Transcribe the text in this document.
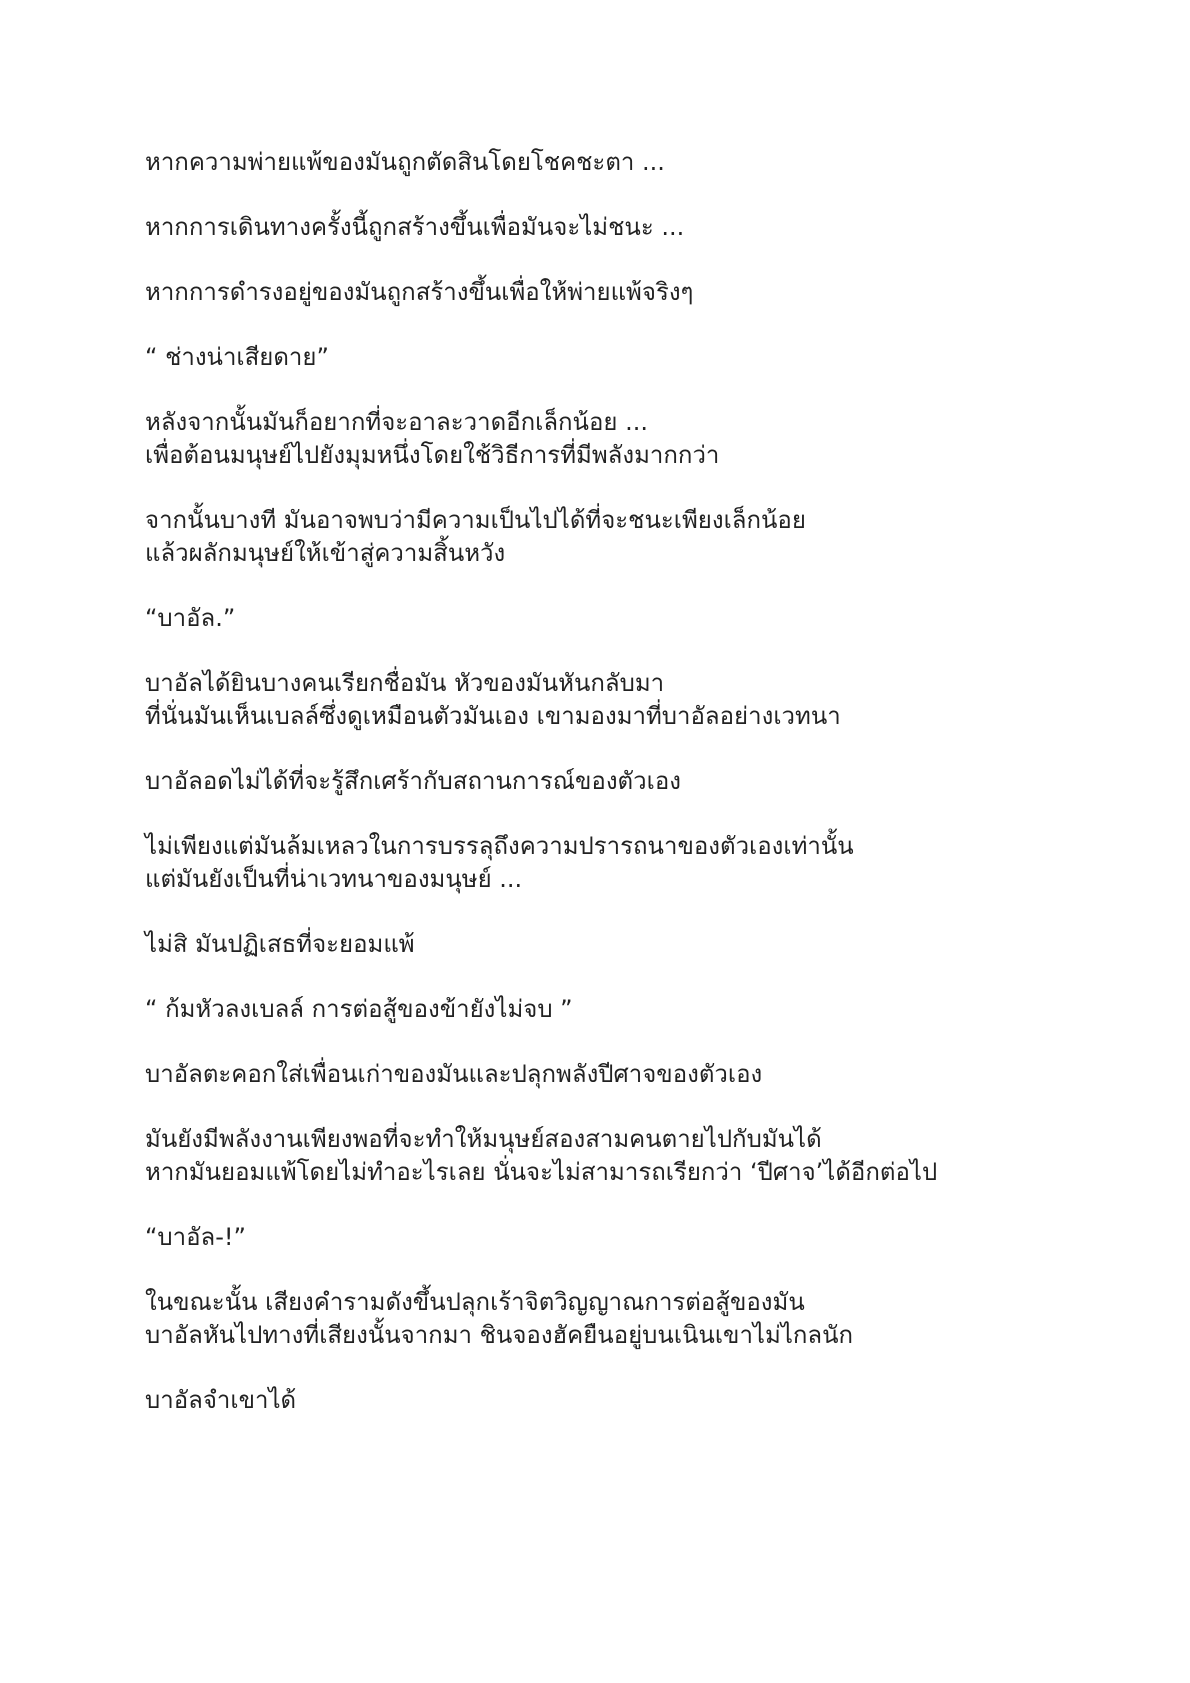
หากความพ่ายแพ้ของมันถูกตัดสินโดยโชคชะตา ...

หากการเดินทางครั้งนี้ถูกสร้างขึ้นเพื่อมันจะไม่ชนะ ...

หากการดำรงอยู่ของมันถูกสร้างขึ้นเพื่อให้พ่ายแพ้จริงๆ

“ ช่างน่าเสียดาย”

หลังจากนั้นมันก็อยากที่จะอาละวาดอีกเล็กน้อย ...
เพื่อต้อนมนุษย์ไปยังมุมหนึ่งโดยใช้วิธีการที่มีพลังมากกว่า

จากนั้นบางที มันอาจพบว่ามีความเป็นไปได้ที่จะชนะเพียงเล็กน้อย
แล้วผลักมนุษย์ให้เข้าสู่ความสิ้นหวัง

“บาอัล.”

บาอัลได้ยินบางคนเรียกชื่อมัน หัวของมันหันกลับมา
ที่นั่นมันเห็นเบลล์ซึ่งดูเหมือนตัวมันเอง เขามองมาที่บาอัลอย่างเวทนา

บาอัลอดไม่ได้ที่จะรู้สึกเศร้ากับสถานการณ์ของตัวเอง

ไม่เพียงแต่มันล้มเหลวในการบรรลุถึงความปรารถนาของตัวเองเท่านั้น
แต่มันยังเป็นที่น่าเวทนาของมนุษย์ ...

ไม่สิ มันปฏิเสธที่จะยอมแพ้

“ ก้มหัวลงเบลล์ การต่อสู้ของข้ายังไม่จบ ”

บาอัลตะคอกใส่เพื่อนเก่าของมันและปลุกพลังปีศาจของตัวเอง

มันยังมีพลังงานเพียงพอที่จะทำให้มนุษย์สองสามคนตายไปกับมันได้
หากมันยอมแพ้โดยไม่ทำอะไรเลย นั่นจะไม่สามารถเรียกว่า ‘ปีศาจ’ได้อีกต่อไป

“บาอัล-!”

ในขณะนั้น เสียงคำรามดังขึ้นปลุกเร้าจิตวิญญาณการต่อสู้ของมัน
บาอัลหันไปทางที่เสียงนั้นจากมา ชินจองฮัคยืนอยู่บนเนินเขาไม่ไกลนัก

บาอัลจำเขาได้
